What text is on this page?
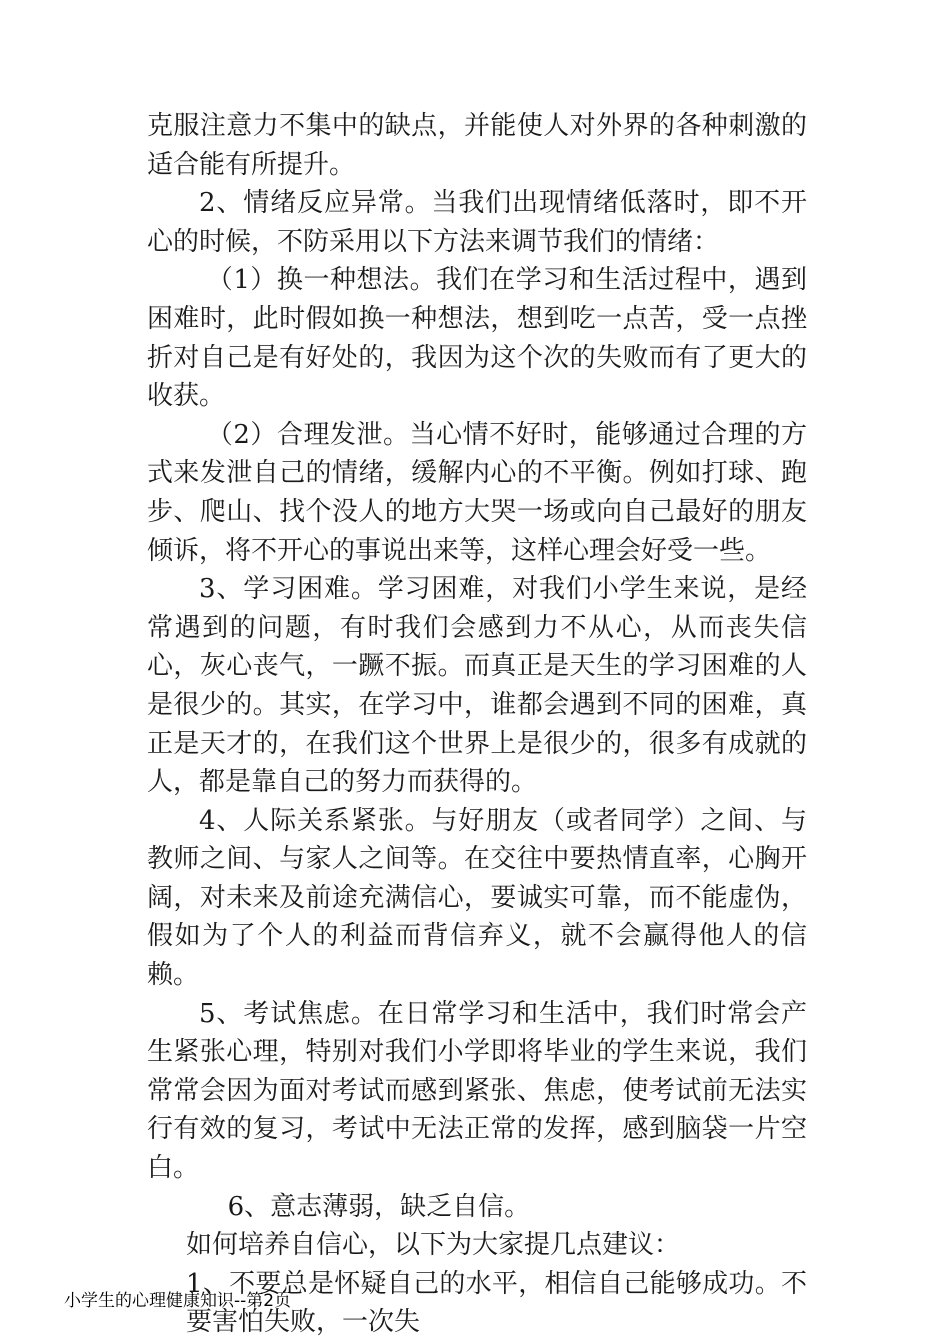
克服注意力不集中的缺点，并能使人对外界的各种刺激的适合能有所提升。

2、情绪反应异常。当我们出现情绪低落时，即不开心的时候，不防采用以下方法来调节我们的情绪：

（1）换一种想法。我们在学习和生活过程中，遇到困难时，此时假如换一种想法，想到吃一点苦，受一点挫折对自己是有好处的，我因为这个次的失败而有了更大的收获。

（2）合理发泄。当心情不好时，能够通过合理的方式来发泄自己的情绪，缓解内心的不平衡。例如打球、跑步、爬山、找个没人的地方大哭一场或向自己最好的朋友倾诉，将不开心的事说出来等，这样心理会好受一些。

3、学习困难。学习困难，对我们小学生来说，是经常遇到的问题，有时我们会感到力不从心，从而丧失信心，灰心丧气，一蹶不振。而真正是天生的学习困难的人是很少的。其实，在学习中，谁都会遇到不同的困难，真正是天才的，在我们这个世界上是很少的，很多有成就的人，都是靠自己的努力而获得的。

4、人际关系紧张。与好朋友（或者同学）之间、与教师之间、与家人之间等。在交往中要热情直率，心胸开阔，对未来及前途充满信心，要诚实可靠，而不能虚伪，假如为了个人的利益而背信弃义，就不会赢得他人的信赖。

5、考试焦虑。在日常学习和生活中，我们时常会产生紧张心理，特别对我们小学即将毕业的学生来说，我们常常会因为面对考试而感到紧张、焦虑，使考试前无法实行有效的复习，考试中无法正常的发挥，感到脑袋一片空白。

6、意志薄弱，缺乏自信。

如何培养自信心，以下为大家提几点建议：

1、不要总是怀疑自己的水平，相信自己能够成功。不要害怕失败，一次失

小学生的心理健康知识--第2页
